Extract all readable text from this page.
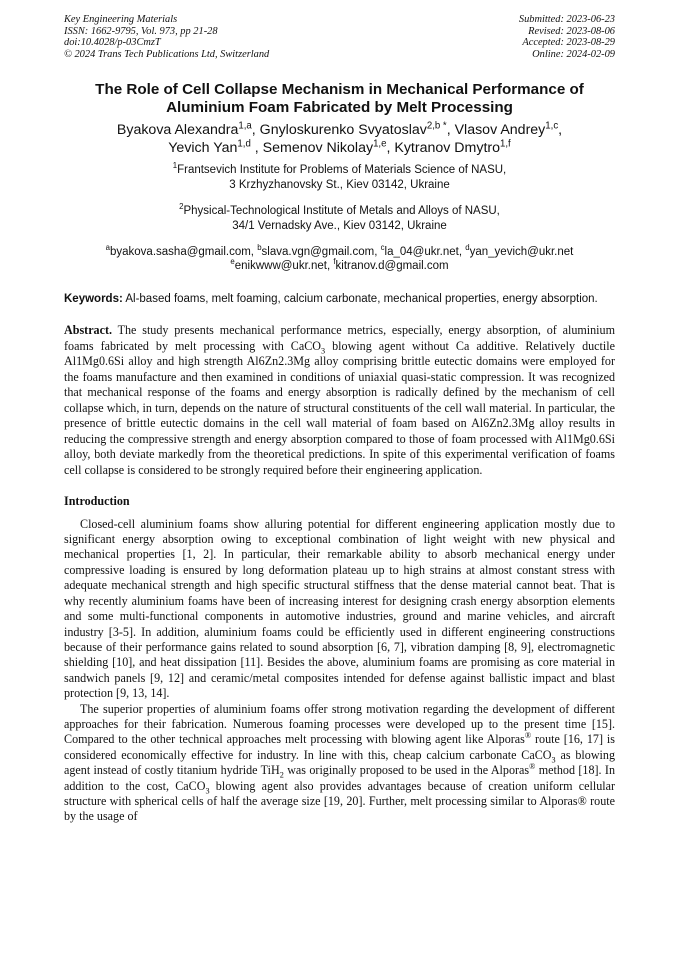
Key Engineering Materials
ISSN: 1662-9795, Vol. 973, pp 21-28
doi:10.4028/p-03CmzT
© 2024 Trans Tech Publications Ltd, Switzerland
Submitted: 2023-06-23
Revised: 2023-08-06
Accepted: 2023-08-29
Online: 2024-02-09
The Role of Cell Collapse Mechanism in Mechanical Performance of
Aluminium Foam Fabricated by Melt Processing
Byakova Alexandra$^{1,a}$, Gnyloskurenko Svyatoslav$^{2,b *}$, Vlasov Andrey$^{1,c}$,
Yevich Yan$^{1,d}$ , Semenov Nikolay$^{1,e}$, Kytranov Dmytro$^{1,f}$
$^1$Frantsevich Institute for Problems of Materials Science of NASU,
3 Krzhyzhanovsky St., Kiev 03142, Ukraine
$^2$Physical-Technological Institute of Metals and Alloys of NASU,
34/1 Vernadsky Ave., Kiev 03142, Ukraine
$^a$byakova.sasha@gmail.com, $^b$slava.vgn@gmail.com, $^c$la_04@ukr.net, $^d$yan_yevich@ukr.net
$^e$enikwww@ukr.net, $^f$kitranov.d@gmail.com
Keywords: Al-based foams, melt foaming, calcium carbonate, mechanical properties, energy absorption.
Abstract. The study presents mechanical performance metrics, especially, energy absorption, of aluminium foams fabricated by melt processing with CaCO$_3$ blowing agent without Ca additive. Relatively ductile Al1Mg0.6Si alloy and high strength Al6Zn2.3Mg alloy comprising brittle eutectic domains were employed for the foams manufacture and then examined in conditions of uniaxial quasi-static compression. It was recognized that mechanical response of the foams and energy absorption is radically defined by the mechanism of cell collapse which, in turn, depends on the nature of structural constituents of the cell wall material. In particular, the presence of brittle eutectic domains in the cell wall material of foam based on Al6Zn2.3Mg alloy results in reducing the compressive strength and energy absorption compared to those of foam processed with Al1Mg0.6Si alloy, both deviate markedly from the theoretical predictions. In spite of this experimental verification of foams cell collapse is considered to be strongly required before their engineering application.
Introduction
Closed-cell aluminium foams show alluring potential for different engineering application mostly due to significant energy absorption owing to exceptional combination of light weight with new physical and mechanical properties [1, 2]. In particular, their remarkable ability to absorb mechanical energy under compressive loading is ensured by long deformation plateau up to high strains at almost constant stress with adequate mechanical strength and high specific structural stiffness that the dense material cannot beat. That is why recently aluminium foams have been of increasing interest for designing crash energy absorption elements and some multi-functional components in automotive industries, ground and marine vehicles, and aircraft industry [3-5]. In addition, aluminium foams could be efficiently used in different engineering constructions because of their performance gains related to sound absorption [6, 7], vibration damping [8, 9], electromagnetic shielding [10], and heat dissipation [11]. Besides the above, aluminium foams are promising as core material in sandwich panels [9, 12] and ceramic/metal composites intended for defense against ballistic impact and blast protection [9, 13, 14].
The superior properties of aluminium foams offer strong motivation regarding the development of different approaches for their fabrication. Numerous foaming processes were developed up to the present time [15]. Compared to the other technical approaches melt processing with blowing agent like Alporas® route [16, 17] is considered economically effective for industry. In line with this, cheap calcium carbonate CaCO$_3$ as blowing agent instead of costly titanium hydride TiH$_2$ was originally proposed to be used in the Alporas® method [18]. In addition to the cost, CaCO$_3$ blowing agent also provides advantages because of creation uniform cellular structure with spherical cells of half the average size [19, 20]. Further, melt processing similar to Alporas® route by the usage of
